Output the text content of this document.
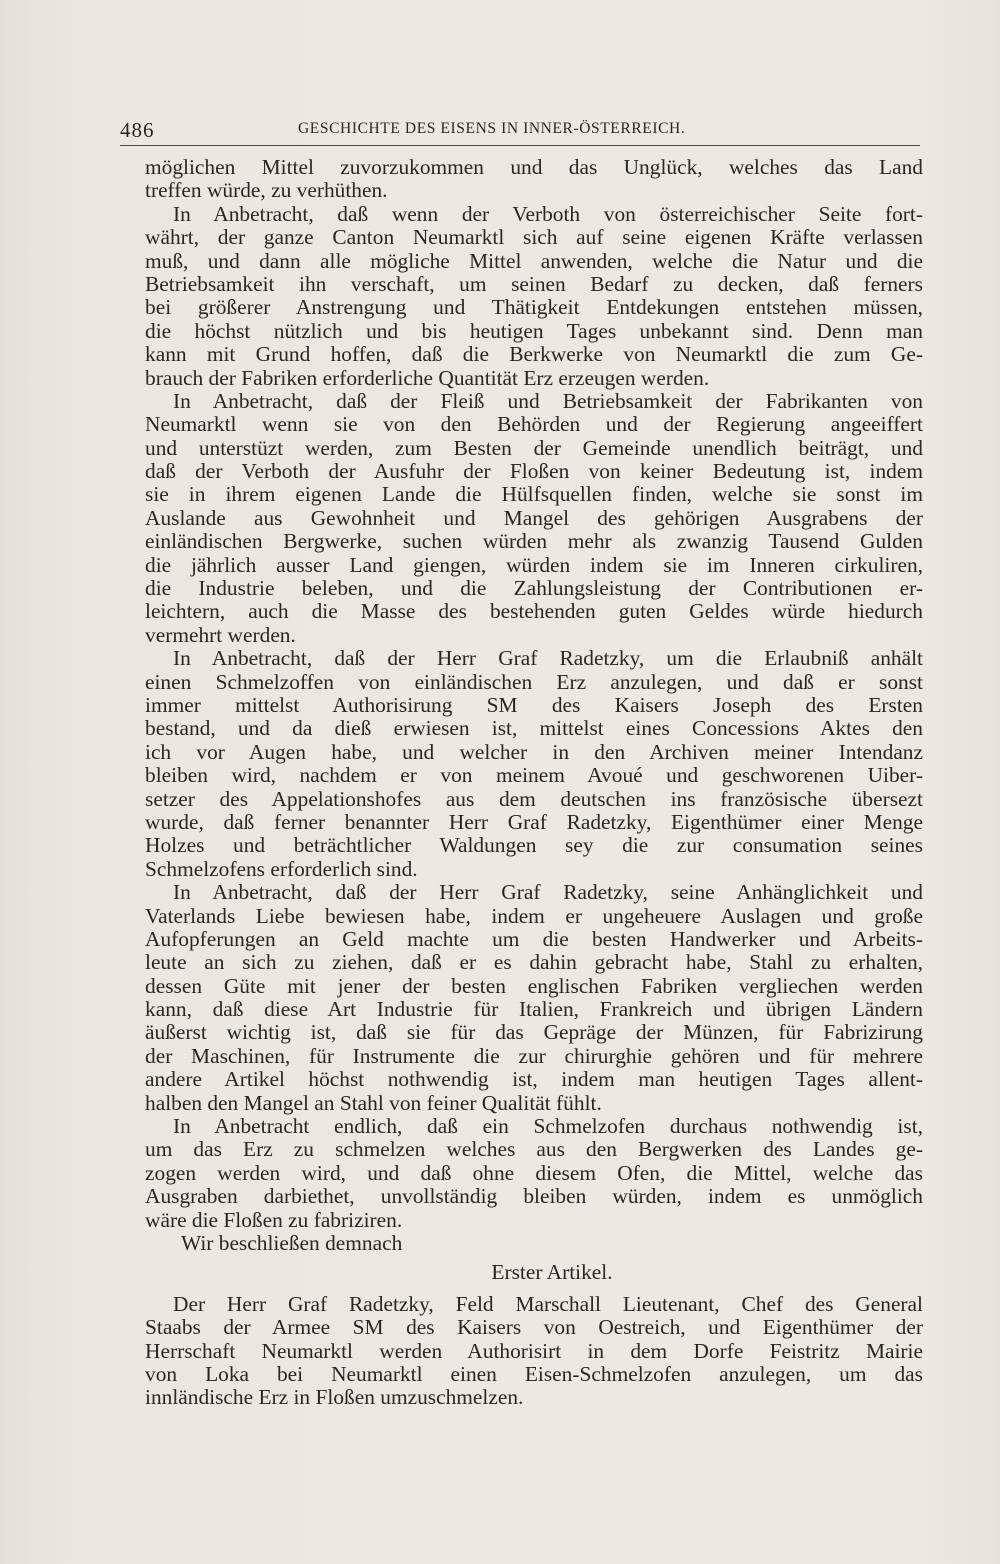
486	GESCHICHTE DES EISENS IN INNER-ÖSTERREICH.
möglichen Mittel zuvorzukommen und das Unglück, welches das Land
treffen würde, zu verhüthen.
In Anbetracht, daß wenn der Verboth von österreichischer Seite fort-
währt, der ganze Canton Neumarktl sich auf seine eigenen Kräfte verlassen
muß, und dann alle mögliche Mittel anwenden, welche die Natur und die
Betriebsamkeit ihn verschaft, um seinen Bedarf zu decken, daß ferners
bei größerer Anstrengung und Thätigkeit Entdekungen entstehen müssen,
die höchst nützlich und bis heutigen Tages unbekannt sind. Denn man
kann mit Grund hoffen, daß die Berkwerke von Neumarktl die zum Ge-
brauch der Fabriken erforderliche Quantität Erz erzeugen werden.
In Anbetracht, daß der Fleiß und Betriebsamkeit der Fabrikanten von
Neumarktl wenn sie von den Behörden und der Regierung angeeiffert
und unterstüzt werden, zum Besten der Gemeinde unendlich beiträgt, und
daß der Verboth der Ausfuhr der Floßen von keiner Bedeutung ist, indem
sie in ihrem eigenen Lande die Hülfsquellen finden, welche sie sonst im
Auslande aus Gewohnheit und Mangel des gehörigen Ausgrabens der
einländischen Bergwerke, suchen würden mehr als zwanzig Tausend Gulden
die jährlich ausser Land giengen, würden indem sie im Inneren cirkuliren,
die Industrie beleben, und die Zahlungsleistung der Contributionen er-
leichtern, auch die Masse des bestehenden guten Geldes würde hiedurch
vermehrt werden.
In Anbetracht, daß der Herr Graf Radetzky, um die Erlaubniß anhält
einen Schmelzoffen von einländischen Erz anzulegen, und daß er sonst
immer mittelst Authorisirung SM des Kaisers Joseph des Ersten
bestand, und da dieß erwiesen ist, mittelst eines Concessions Aktes den
ich vor Augen habe, und welcher in den Archiven meiner Intendanz
bleiben wird, nachdem er von meinem Avoué und geschworenen Uiber-
setzer des Appelationshofes aus dem deutschen ins französische übersezt
wurde, daß ferner benannter Herr Graf Radetzky, Eigenthümer einer Menge
Holzes und beträchtlicher Waldungen sey die zur consumation seines
Schmelzofens erforderlich sind.
In Anbetracht, daß der Herr Graf Radetzky, seine Anhänglichkeit und
Vaterlands Liebe bewiesen habe, indem er ungeheuere Auslagen und große
Aufopferungen an Geld machte um die besten Handwerker und Arbeits-
leute an sich zu ziehen, daß er es dahin gebracht habe, Stahl zu erhalten,
dessen Güte mit jener der besten englischen Fabriken vergliechen werden
kann, daß diese Art Industrie für Italien, Frankreich und übrigen Ländern
äußerst wichtig ist, daß sie für das Gepräge der Münzen, für Fabrizirung
der Maschinen, für Instrumente die zur chirurghie gehören und für mehrere
andere Artikel höchst nothwendig ist, indem man heutigen Tages allent-
halben den Mangel an Stahl von feiner Qualität fühlt.
In Anbetracht endlich, daß ein Schmelzofen durchaus nothwendig ist,
um das Erz zu schmelzen welches aus den Bergwerken des Landes ge-
zogen werden wird, und daß ohne diesem Ofen, die Mittel, welche das
Ausgraben darbiethet, unvollständig bleiben würden, indem es unmöglich
wäre die Floßen zu fabriziren.
Wir beschließen demnach
Erster Artikel.
Der Herr Graf Radetzky, Feld Marschall Lieutenant, Chef des General
Staabs der Armee SM des Kaisers von Oestreich, und Eigenthümer der
Herrschaft Neumarktl werden Authorisirt in dem Dorfe Feistritz Mairie
von Loka bei Neumarktl einen Eisen-Schmelzofen anzulegen, um das
innländische Erz in Floßen umzuschmelzen.
